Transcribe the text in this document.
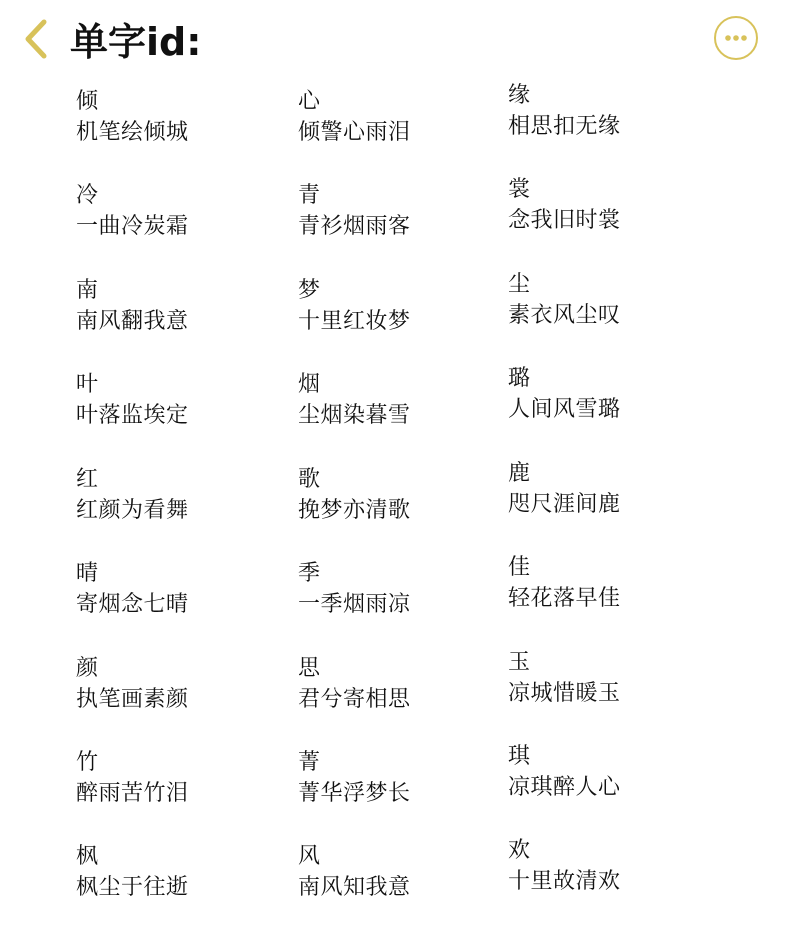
单字id:
倾
机笔绘倾城
冷
一曲冷炭霜
南
南风翻我意
叶
叶落监埃定
红
红颜为看舞
晴
寄烟念七晴
颜
执笔画素颜
竹
醉雨苦竹泪
枫
枫尘于往逝
心
倾警心雨泪
青
青衫烟雨客
梦
十里红妆梦
烟
尘烟染暮雪
歌
挽梦亦清歌
季
一季烟雨凉
思
君兮寄相思
菁
菁华浮梦长
风
南风知我意
缘
相思扣无缘
裳
念我旧时裳
尘
素衣风尘叹
璐
人间风雪璐
鹿
咫尺涯间鹿
佳
轻花落早佳
玉
凉城惜暖玉
琪
凉琪醉人心
欢
十里故清欢
